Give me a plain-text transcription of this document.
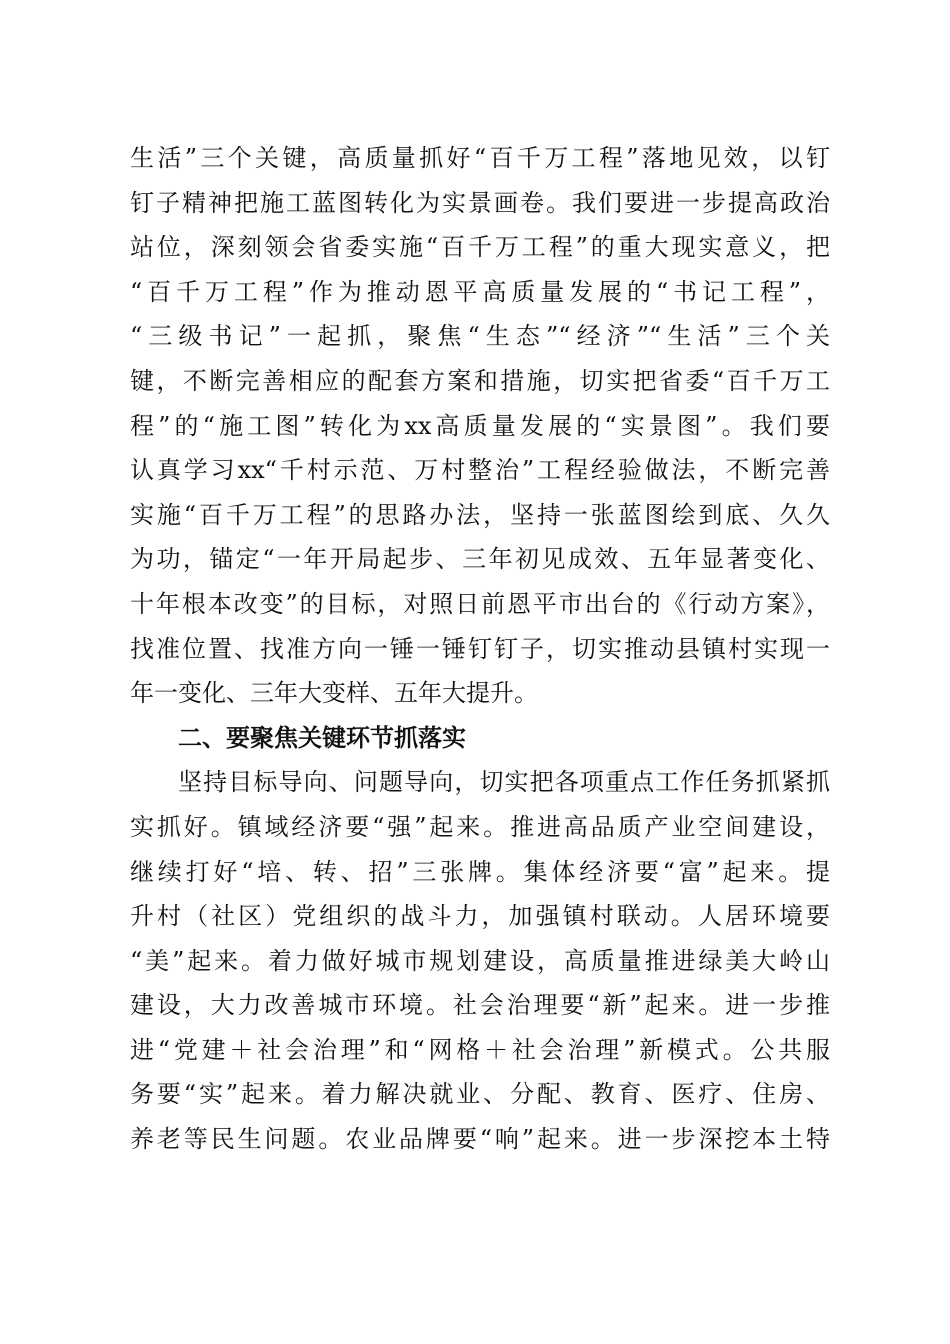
生活”三个关键，高质量抓好“百千万工程”落地见效，以钉
钉子精神把施工蓝图转化为实景画卷。我们要进一步提高政治
站位，深刻领会省委实施“百千万工程”的重大现实意义，把
“百千万工程”作为推动恩平高质量发展的“书记工程”，
“三级书记”一起抓，聚焦“生态”“经济”“生活”三个关
键，不断完善相应的配套方案和措施，切实把省委“百千万工
程”的“施工图”转化为xx高质量发展的“实景图”。我们要
认真学习xx“千村示范、万村整治”工程经验做法，不断完善
实施“百千万工程”的思路办法，坚持一张蓝图绘到底、久久
为功，锚定“一年开局起步、三年初见成效、五年显著变化、
十年根本改变”的目标，对照日前恩平市出台的《行动方案》，
找准位置、找准方向一锤一锤钉钉子，切实推动县镇村实现一
年一变化、三年大变样、五年大提升。
二、要聚焦关键环节抓落实
坚持目标导向、问题导向，切实把各项重点工作任务抓紧抓
实抓好。镇域经济要“强”起来。推进高品质产业空间建设，
继续打好“培、转、招”三张牌。集体经济要“富”起来。提
升村（社区）党组织的战斗力，加强镇村联动。人居环境要
“美”起来。着力做好城市规划建设，高质量推进绿美大岭山
建设，大力改善城市环境。社会治理要“新”起来。进一步推
进“党建＋社会治理”和“网格＋社会治理”新模式。公共服
务要“实”起来。着力解决就业、分配、教育、医疗、住房、
养老等民生问题。农业品牌要“响”起来。进一步深挖本土特
